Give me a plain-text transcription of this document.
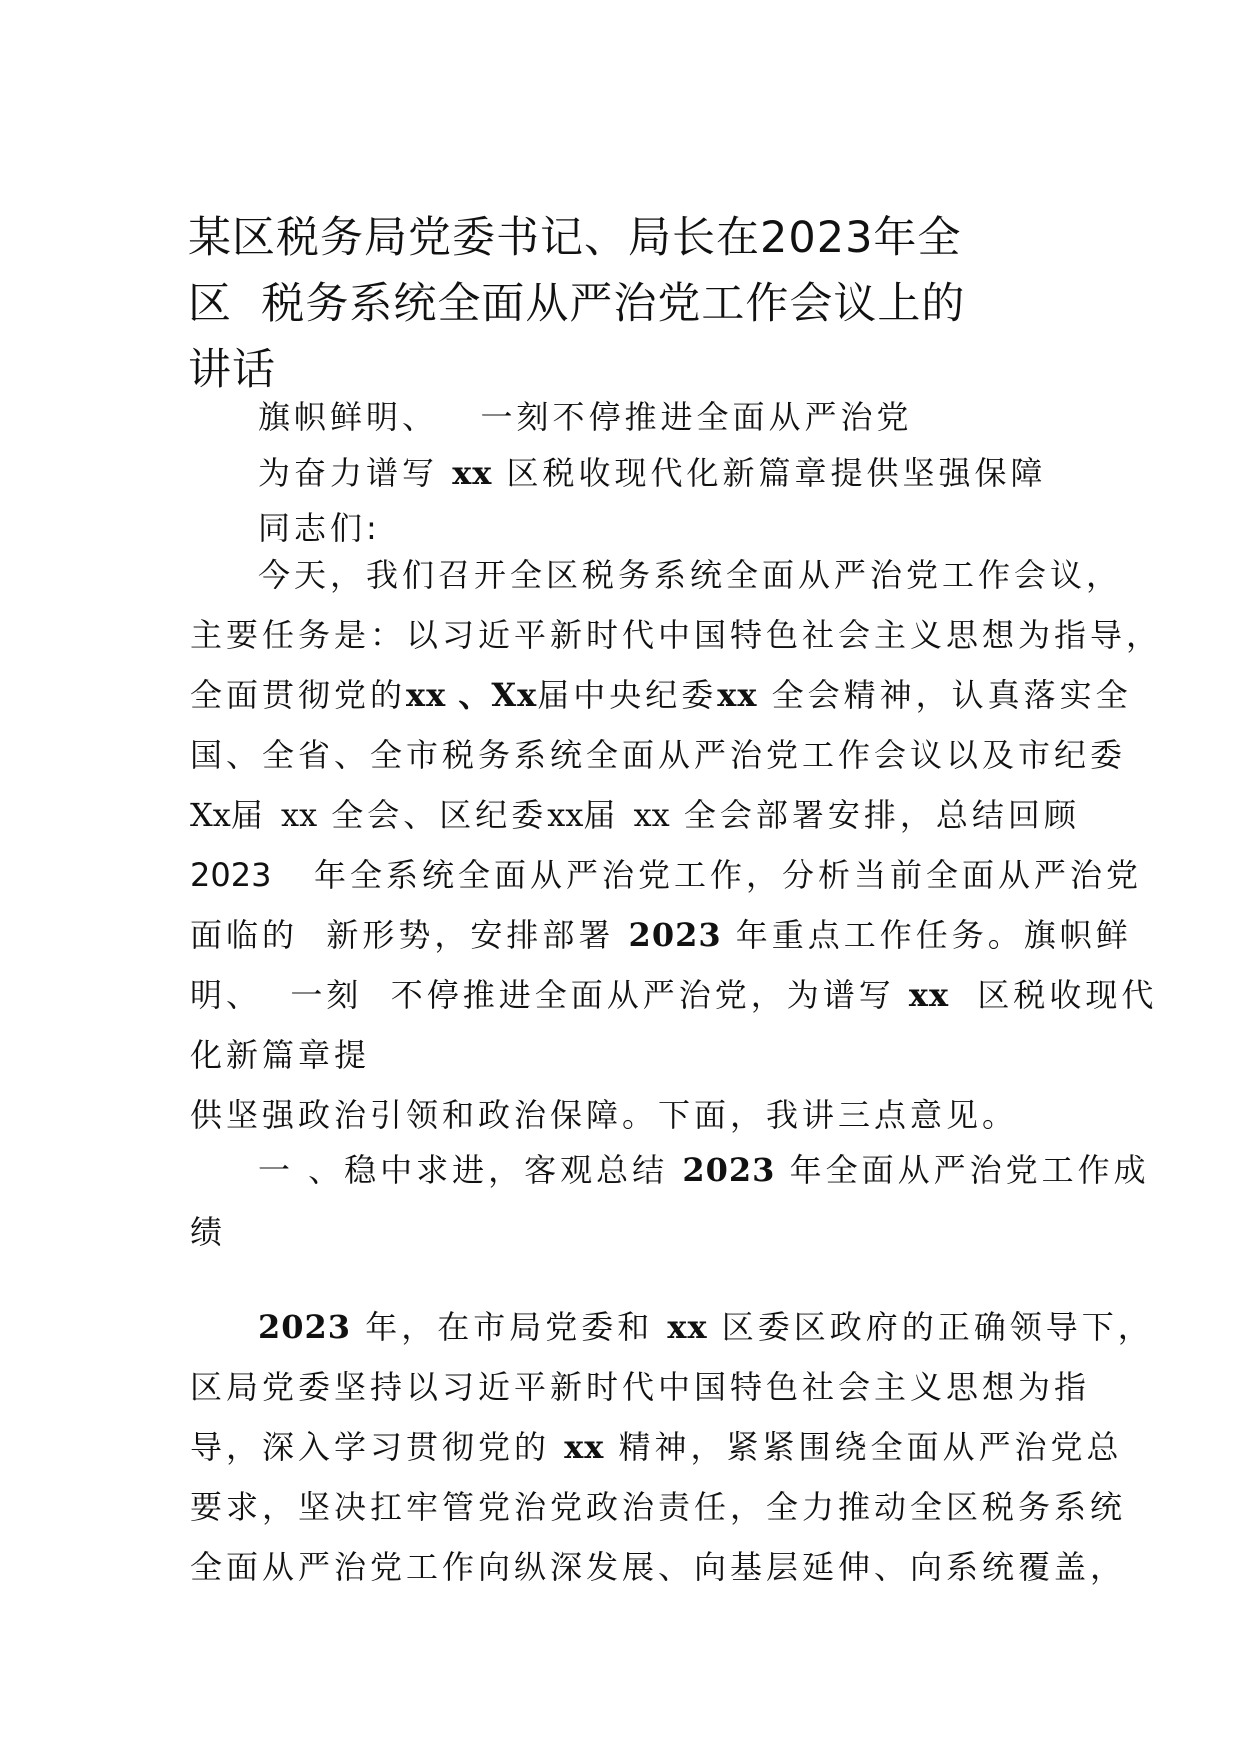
某区税务局党委书记、局长在2023年全
区  税务系统全面从严治党工作会议上的
讲话
旗帜鲜明、   一刻不停推进全面从严治党
为奋力谱写 xx 区税收现代化新篇章提供坚强保障
同志们:
今天，我们召开全区税务系统全面从严治党工作会议，
主要任务是：以习近平新时代中国特色社会主义思想为指导，
全面贯彻党的xx 、Xx届中央纪委xx 全会精神，认真落实全
国、全省、全市税务系统全面从严治党工作会议以及市纪委
Xx届 xx 全会、区纪委xx届 xx 全会部署安排，总结回顾
2023 年全系统全面从严治党工作，分析当前全面从严治党
面临的 新形势，安排部署 2023 年重点工作任务。旗帜鲜
明、 一刻 不停推进全面从严治党，为谱写 xx 区税收现代
化新篇章提
供坚强政治引领和政治保障。下面，我讲三点意见。
一 、稳中求进，客观总结 2023 年全面从严治党工作成
绩
2023 年，在市局党委和 xx 区委区政府的正确领导下，
区局党委坚持以习近平新时代中国特色社会主义思想为指
导，深入学习贯彻党的 xx 精神，紧紧围绕全面从严治党总
要求，坚决扛牢管党治党政治责任，全力推动全区税务系统
全面从严治党工作向纵深发展、向基层延伸、向系统覆盖，
